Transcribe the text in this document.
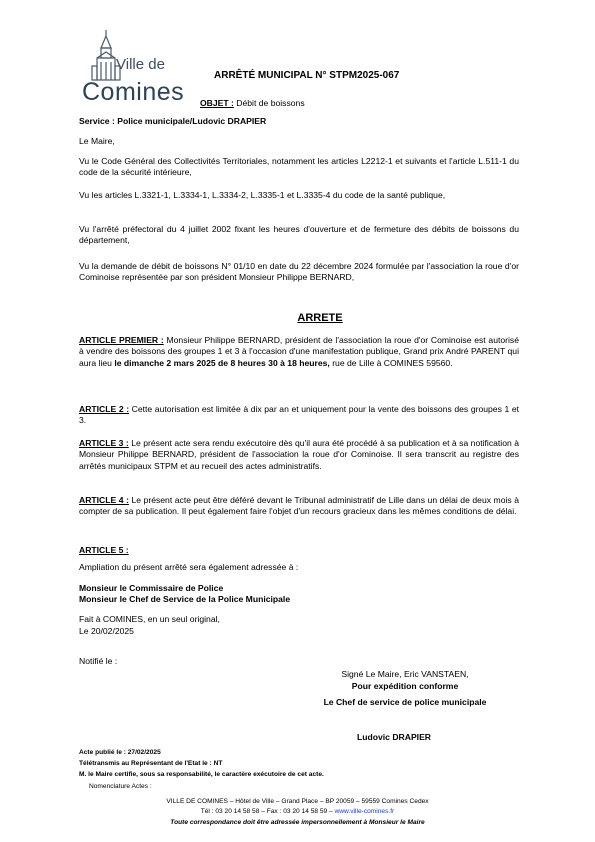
Ville de
Comines
ARRÊTÉ MUNICIPAL N° STPM2025-067
OBJET : Débit de boissons
Service : Police municipale/Ludovic DRAPIER
Le Maire,
Vu le Code Général des Collectivités Territoriales, notamment les articles L2212-1 et suivants et l'article L.511-1 du code de la sécurité intérieure,
Vu les articles L.3321-1, L.3334-1, L.3334-2, L.3335-1 et L.3335-4 du code de la santé publique,
Vu l'arrêté préfectoral du 4 juillet 2002 fixant les heures d'ouverture et de fermeture des débits de boissons du département,
Vu la demande de débit de boissons N° 01/10 en date du 22 décembre 2024 formulée par l'association la roue d'or Cominoise représentée par son président Monsieur Philippe BERNARD,
ARRETE
ARTICLE PREMIER : Monsieur Philippe BERNARD, président de l'association la roue d'or Cominoise est autorisé à vendre des boissons des groupes 1 et 3 à l'occasion d'une manifestation publique, Grand prix André PARENT qui aura lieu le dimanche 2 mars 2025 de 8 heures 30 à 18 heures, rue de Lille à COMINES 59560.
ARTICLE 2 : Cette autorisation est limitée à dix par an et uniquement pour la vente des boissons des groupes 1 et 3.
ARTICLE 3 : Le présent acte sera rendu exécutoire dès qu'il aura été procédé à sa publication et à sa notification à Monsieur Philippe BERNARD, président de l'association la roue d'or Cominoise. Il sera transcrit au registre des arrêtés municipaux STPM et au recueil des actes administratifs.
ARTICLE 4 : Le présent acte peut être déféré devant le Tribunal administratif de Lille dans un délai de deux mois à compter de sa publication. Il peut également faire l'objet d'un recours gracieux dans les mêmes conditions de délai.
ARTICLE 5 :
Ampliation du présent arrêté sera également adressée à :
Monsieur le Commissaire de Police
Monsieur le Chef de Service de la Police Municipale
Fait à COMINES, en un seul original,
Le 20/02/2025
Notifié le :
Signé Le Maire, Eric VANSTAEN,
Pour expédition conforme
Le Chef de service de police municipale
Ludovic DRAPIER
Acte publié le : 27/02/2025
Télétransmis au Représentant de l'Etat le : NT
M. le Maire certifie, sous sa responsabilité, le caractère exécutoire de cet acte.
Nomenclature Actes :
VILLE DE COMINES – Hôtel de Ville – Grand Place – BP 20059 – 59559 Comines Cedex
Tél : 03 20 14 58 58 – Fax : 03 20 14 58 59 – www.ville-comines.fr
Toute correspondance doit être adressée impersonnellement à Monsieur le Maire
